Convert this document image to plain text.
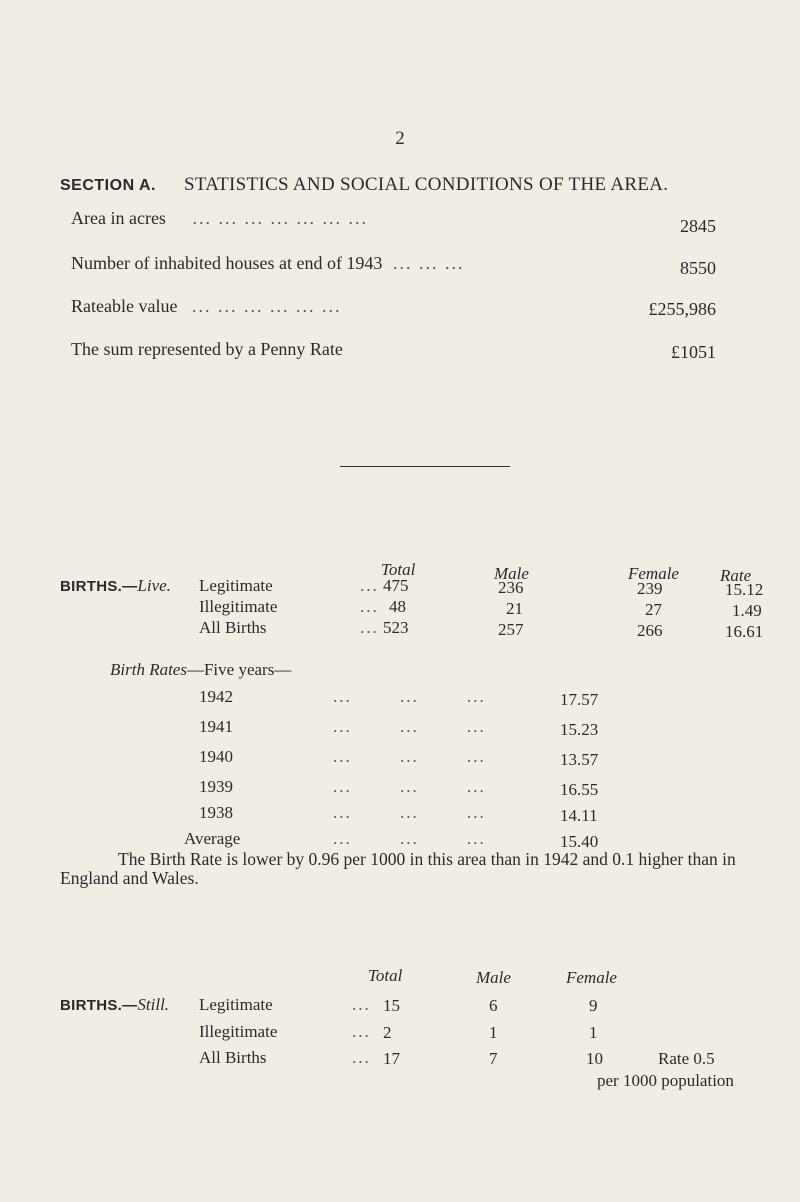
2
SECTION A. STATISTICS AND SOCIAL CONDITIONS OF THE AREA.
Area in acres ... ... ... ... ... ... ...	2845
Number of inhabited houses at end of 1943 ... ... ...	8550
Rateable value ... ... ... ... ... ...	£255,986
The sum represented by a Penny Rate	£1051
Total	Male	Female Rate
BIRTHS.—Live. Legitimate	... 475	236	239	15.12
Illegitimate	... 48	21	27	1.49
All Births	... 523	257	266	16.61
Birth Rates—Five years—
1942	... ... ...	17.57
1941	... ... ...	15.23
1940	... ... ...	13.57
1939	... ... ...	16.55
1938	... ... ...	14.11
Average	... ... ...	15.40
The Birth Rate is lower by 0.96 per 1000 in this area than in 1942 and 0.1 higher than in England and Wales.
Total	Male	Female
BIRTHS.—Still. Legitimate	... 15	6	9
Illegitimate	... 2	1	1
All Births	... 17	7	10	Rate 0.5
per 1000 population
